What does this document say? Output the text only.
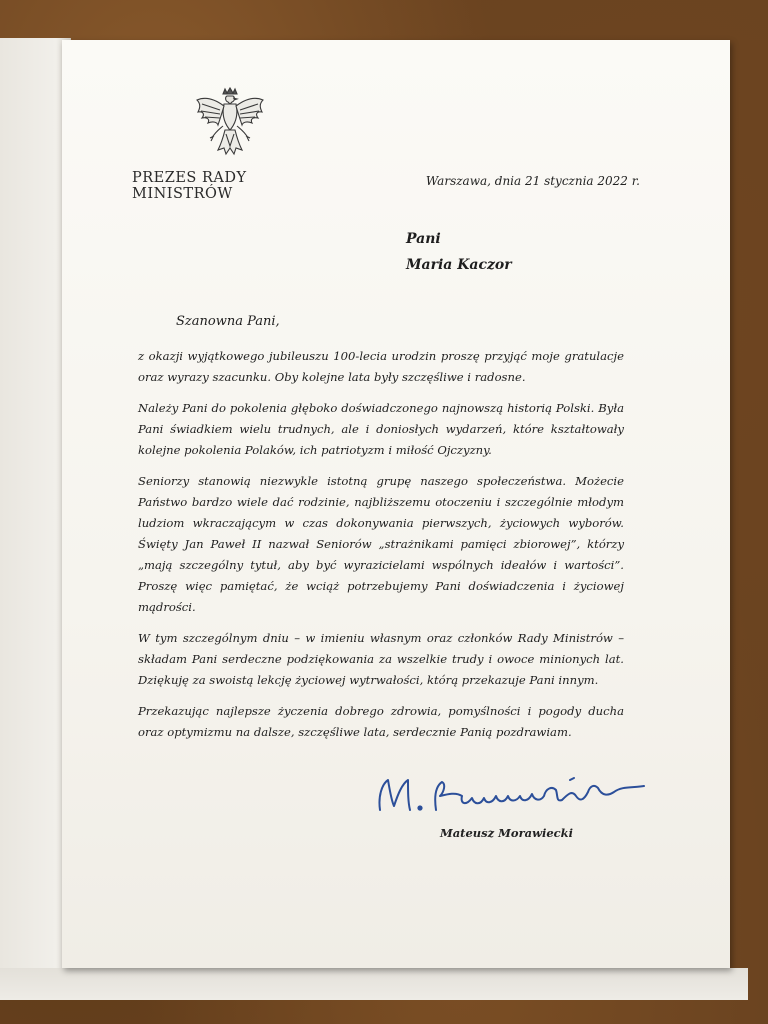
PREZES RADY MINISTRÓW
Warszawa, dnia 21 stycznia 2022 r.
Pani
Maria Kaczor
Szanowna Pani,

z okazji wyjątkowego jubileuszu 100-lecia urodzin proszę przyjąć moje gratulacje oraz wyrazy szacunku. Oby kolejne lata były szczęśliwe i radosne.

Należy Pani do pokolenia głęboko doświadczonego najnowszą historią Polski. Była Pani świadkiem wielu trudnych, ale i doniosłych wydarzeń, które kształtowały kolejne pokolenia Polaków, ich patriotyzm i miłość Ojczyzny.

Seniorzy stanowią niezwykle istotną grupę naszego społeczeństwa. Możecie Państwo bardzo wiele dać rodzinie, najbliższemu otoczeniu i szczególnie młodym ludziom wkraczającym w czas dokonywania pierwszych, życiowych wyborów. Święty Jan Paweł II nazwał Seniorów „strażnikami pamięci zbiorowej”, którzy „mają szczególny tytuł, aby być wyrazicielami wspólnych ideałów i wartości”. Proszę więc pamiętać, że wciąż potrzebujemy Pani doświadczenia i życiowej mądrości.

W tym szczególnym dniu – w imieniu własnym oraz członków Rady Ministrów – składam Pani serdeczne podziękowania za wszelkie trudy i owoce minionych lat. Dziękuję za swoistą lekcję życiowej wytrwałości, którą przekazuje Pani innym.

Przekazując najlepsze życzenia dobrego zdrowia, pomyślności i pogody ducha oraz optymizmu na dalsze, szczęśliwe lata, serdecznie Panią pozdrawiam.

Mateusz Morawiecki
